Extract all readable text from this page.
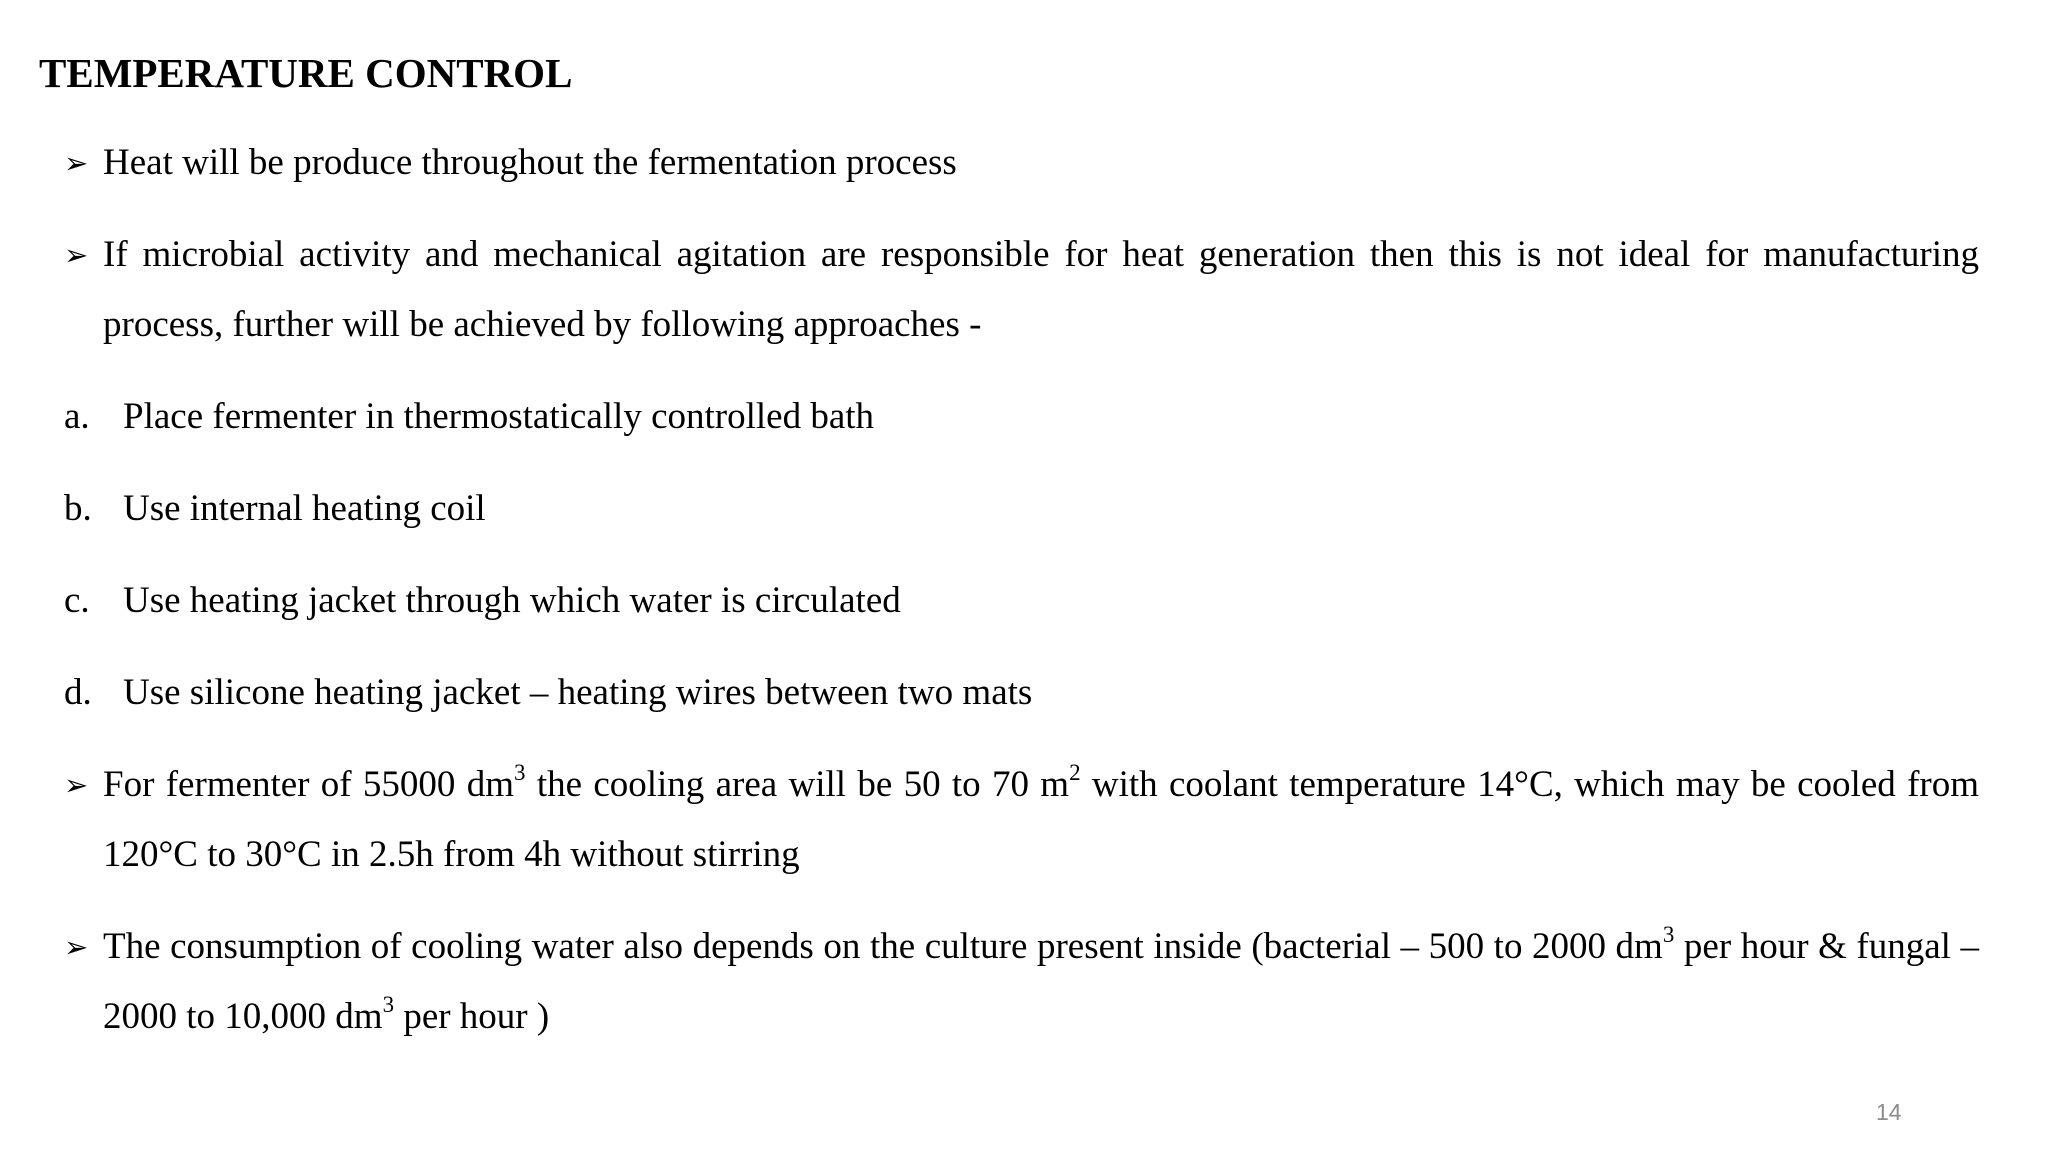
TEMPERATURE CONTROL
➢ Heat will be produce throughout the fermentation process
➢ If microbial activity and mechanical agitation are responsible for heat generation then this is not ideal for manufacturing process, further will be achieved by following approaches -
a. Place fermenter in thermostatically controlled bath
b. Use internal heating coil
c. Use heating jacket through which water is circulated
d. Use silicone heating jacket – heating wires between two mats
➢ For fermenter of 55000 $dm^3$ the cooling area will be 50 to 70 $m^2$ with coolant temperature 14°C, which may be cooled from 120°C to 30°C in 2.5h from 4h without stirring
➢ The consumption of cooling water also depends on the culture present inside (bacterial – 500 to 2000 $dm^3$ per hour & fungal – 2000 to 10,000 $dm^3$ per hour )
14
